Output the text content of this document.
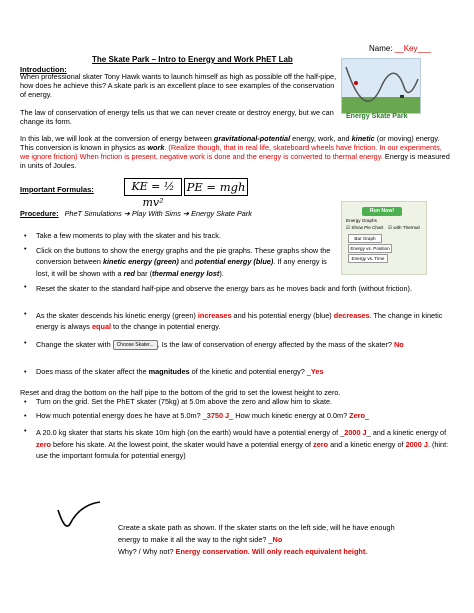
Name: __Key___
The Skate Park – Intro to Energy and Work PhET Lab
Introduction:

When professional skater Tony Hawk wants to launch himself as high as possible off the half-pipe, how does he achieve this? A skate park is an excellent place to see examples of the conservation of energy.

The law of conservation of energy tells us that we can never create or destroy energy, but we can change its form.

In this lab, we will look at the conversion of energy between gravitational-potential energy, work, and kinetic (or moving) energy. This conversion is known in physics as work. (Realize though, that in real life, skateboard wheels have friction. In our experiments, we ignore friction) When friction is present, negative work is done and the energy is converted to thermal energy. Energy is measured in units of Joules.

Energy Skate Park
Important Formulas:	KE = ½ mv²
PE = mgh
Procedure: PheT Simulations ➔ Play With Sims ➔ Energy Skate Park	Run Now!
Energy Graphs
☑ Show Pie Chart ☑ with Thermal
Bar Graph
Energy vs. Position
Energy vs. Time
•	Take a few moments to play with the skater and his track.

•	Click on the buttons to show the energy graphs and the pie graphs. These graphs show the conversion between kinetic energy (green) and potential energy (blue). If any energy is lost, it will be shown with a red bar (thermal energy lost).

•	Reset the skater to the standard half-pipe and observe the energy bars as he moves back and forth (without friction).

•	As the skater descends his kinetic energy (green) increases and his potential energy (blue) decreases. The change in kinetic energy is always equal to the change in potential energy.

•	Change the skater with Choose Skater... . Is the law of conservation of energy affected by the mass of the skater? No

•	Does mass of the skater affect the magnitudes of the kinetic and potential energy? _Yes

Reset and drag the bottom on the half pipe to the bottom of the grid to set the lowest height to zero.

•	Turn on the grid. Set the PhET skater (75kg) at 5.0m above the zero and allow him to skate.

•	How much potential energy does he have at 5.0m? _3750 J_ How much kinetic energy at 0.0m? Zero_

•	A 20.0 kg skater that starts his skate 10m high (on the earth) would have a potential energy of _2000 J_ and a kinetic energy of zero before his skate. At the lowest point, the skater would have a potential energy of zero and a kinetic energy of 2000 J. (hint: use the important formula for potential energy)

Create a skate path as shown. If the skater starts on the left side, will he have enough energy to make it all the way to the right side? _No

Why? / Why not? Energy conservation. Will only reach equivalent height.
